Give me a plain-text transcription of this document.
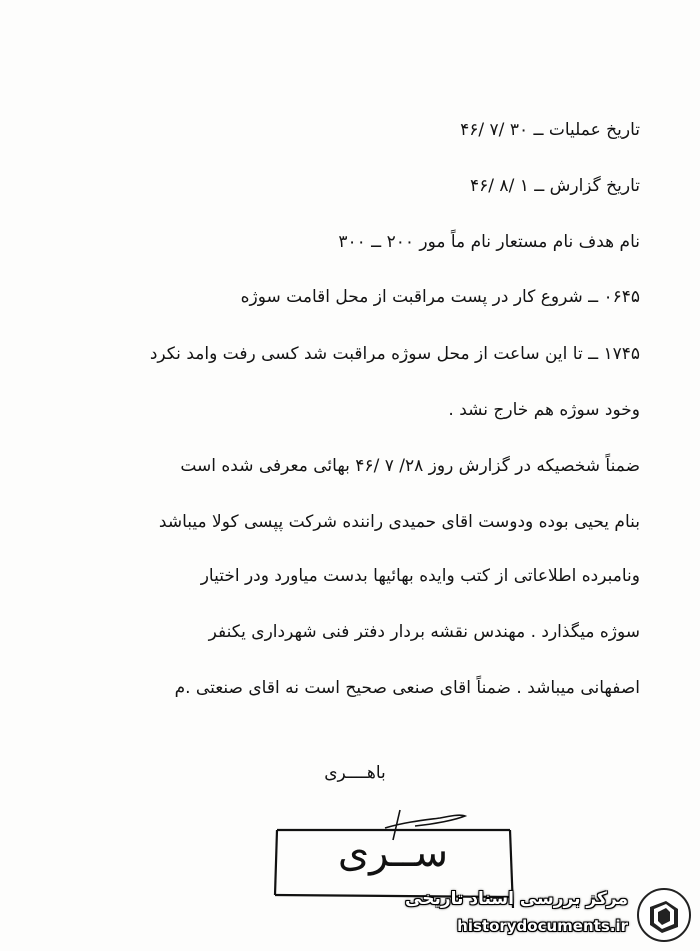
تاریخ عملیات ــ ۳۰ /۷ /۴۶
تاریخ گزارش ــ ۱ /۸ /۴۶
نام هدف نام مستعار نام ماً مور ۲۰۰ ــ ۳۰۰
۰۶۴۵ ــ شروع کار در پست مراقبت از محل اقامت سوژه
۱۷۴۵ ــ تا این ساعت از محل سوژه مراقبت شد کسی رفت وامد نکرد
وخود سوژه هم خارج نشد .
ضمناً شخصیکه در گزارش روز ۲۸/ ۷ /۴۶ بهائی معرفی شده است
بنام یحیی بوده ودوست اقای حمیدی راننده شرکت پپسی کولا میباشد
ونامبرده اطلاعاتی از کتب وایده بهائیها بدست میاورد ودر اختیار
سوژه میگذارد . مهندس نقشه بردار دفتر فنی شهرداری یکنفر
اصفهانی میباشد . ضمناً اقای صنعی صحیح است نه اقای صنعتی .م
باهــــری
ســری
مرکز بررسی اسناد تاریخی
historydocuments.ir
